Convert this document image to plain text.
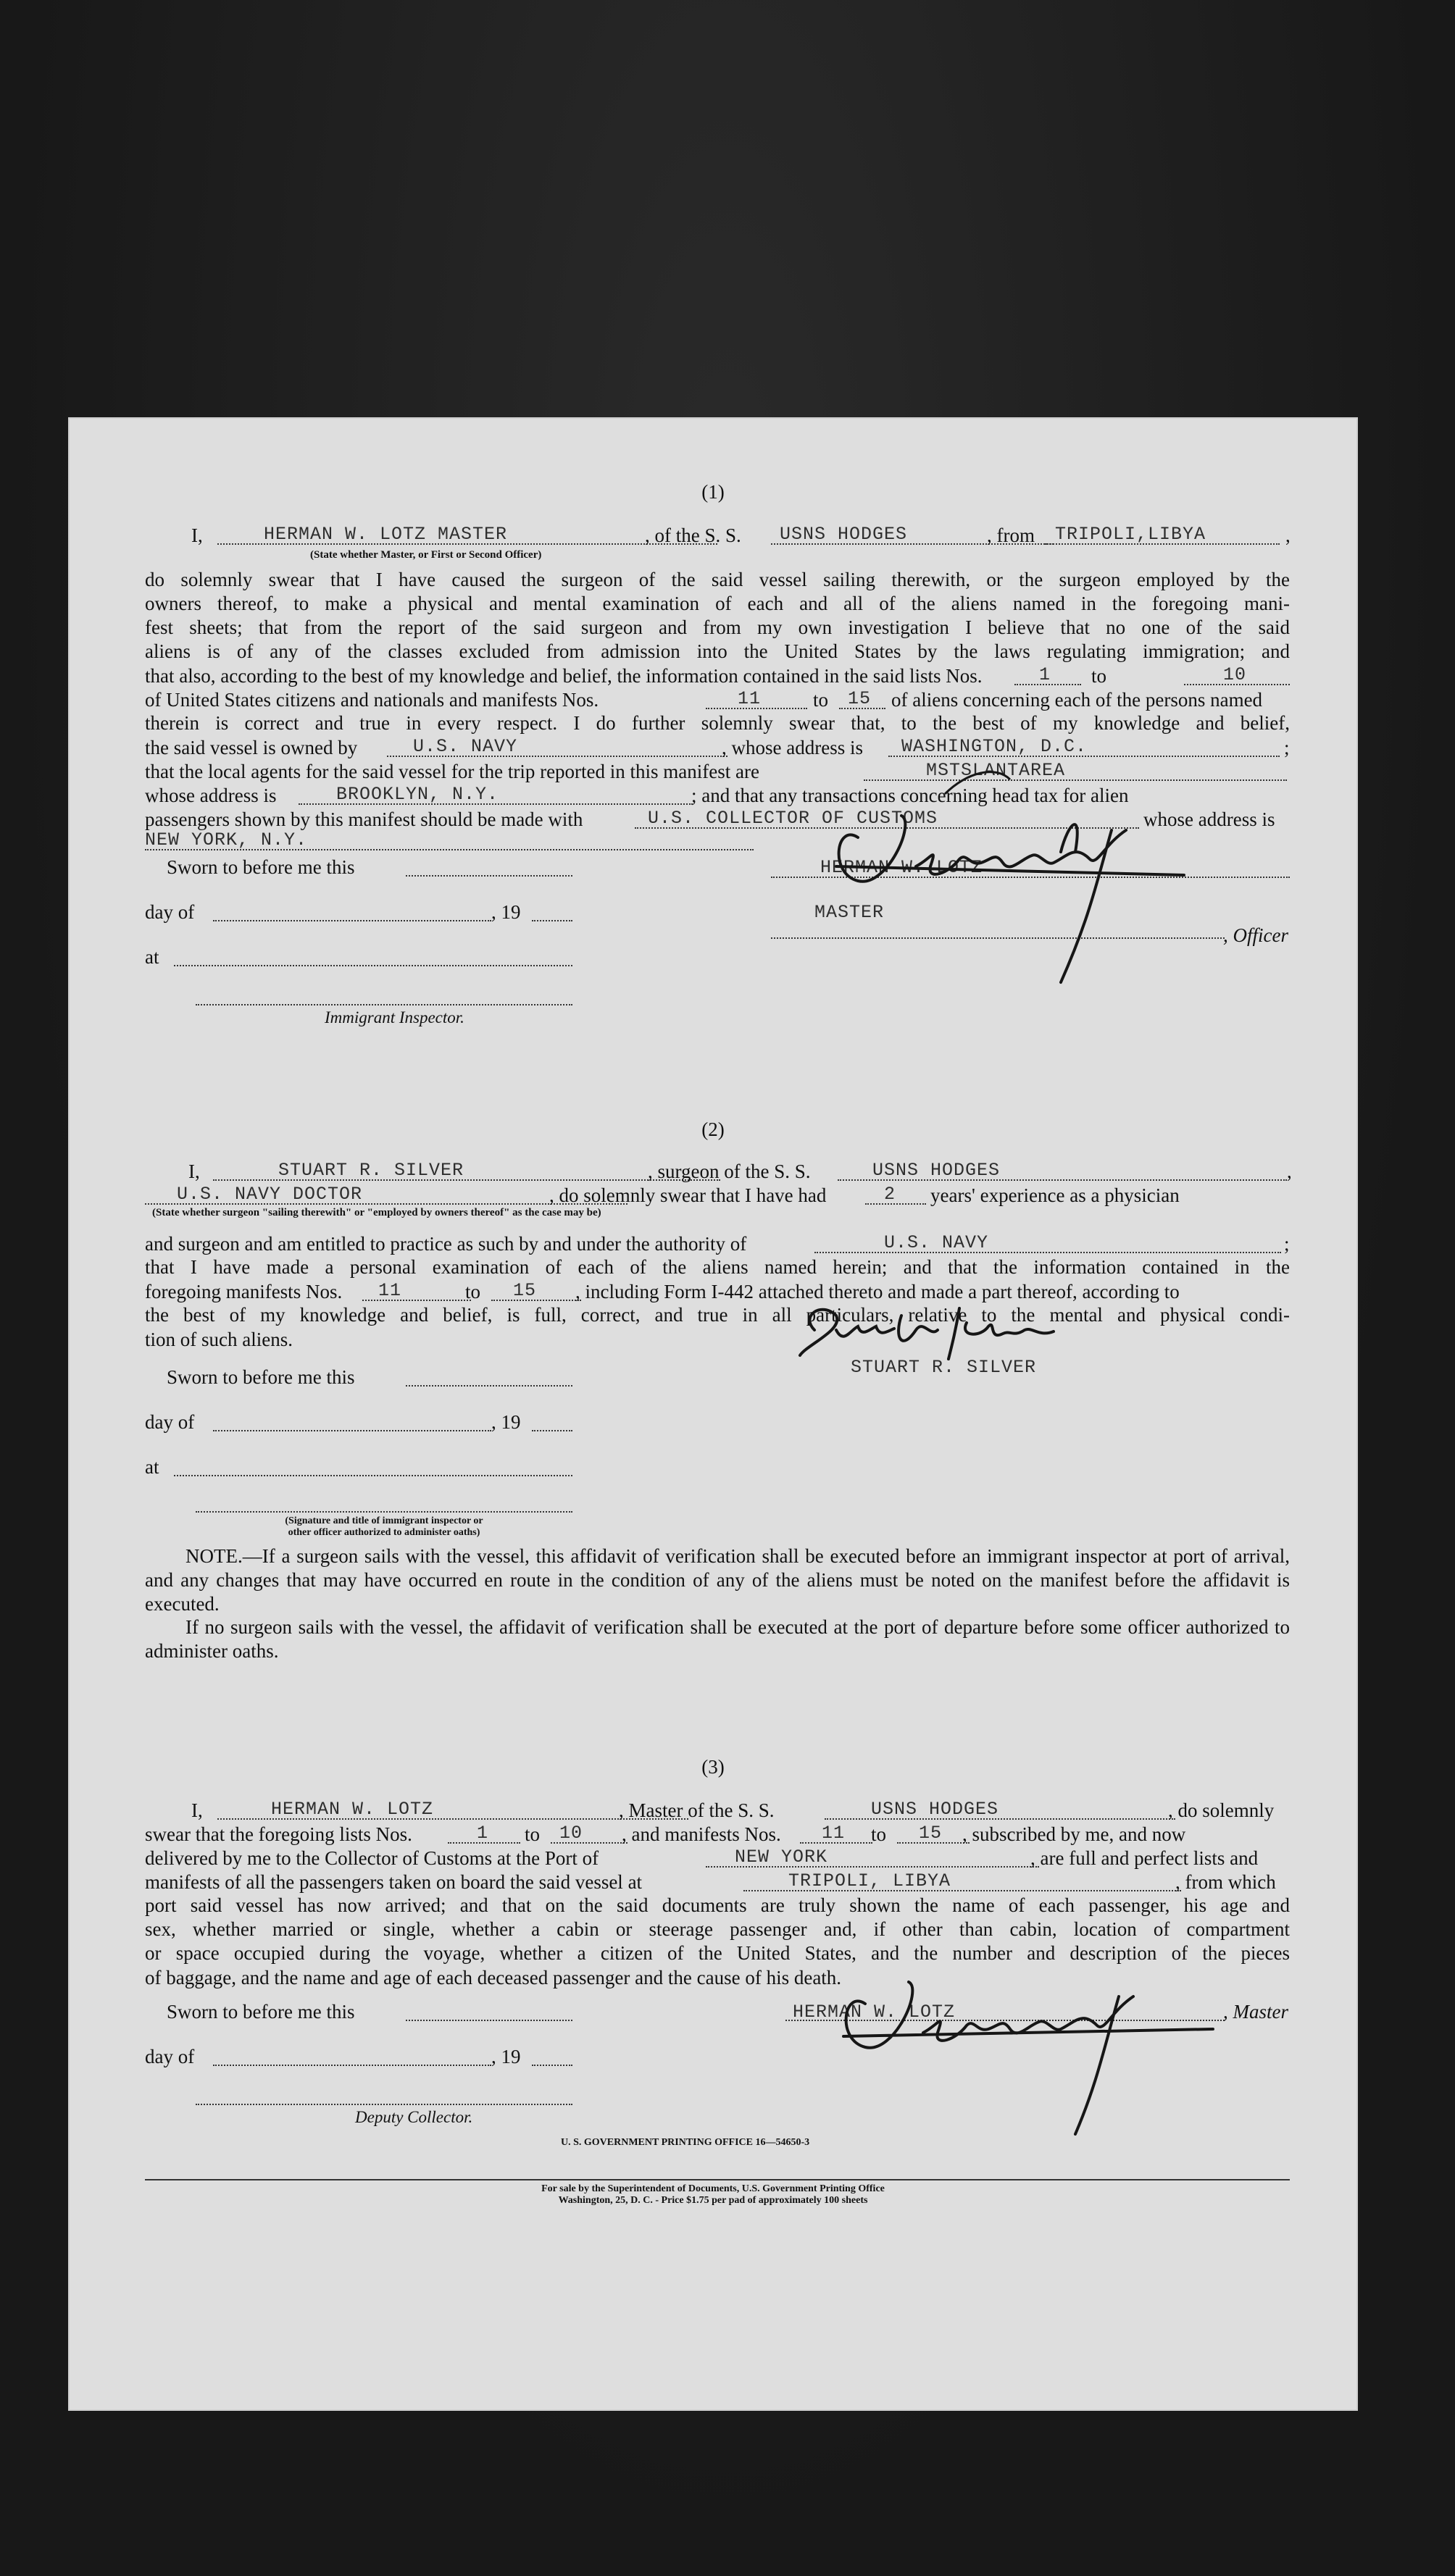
(1)
I,	HERMAN W. LOTZ MASTER	, of the S. S. USNS HODGES	, from TRIPOLI,LIBYA	,
(State whether Master, or First or Second Officer)
do solemnly swear that I have caused the surgeon of the said vessel sailing therewith, or the surgeon employed by the
owners thereof, to make a physical and mental examination of each and all of the aliens named in the foregoing mani-
fest sheets; that from the report of the said surgeon and from my own investigation I believe that no one of the said
aliens is of any of the classes excluded from admission into the United States by the laws regulating immigration; and
that also, according to the best of my knowledge and belief, the information contained in the said lists Nos.	1 to	10
of United States citizens and nationals and manifests Nos.	11	to 15 of aliens concerning each of the persons named
therein is correct and true in every respect. I do further solemnly swear that, to the best of my knowledge and belief,
the said vessel is owned by	U.S. NAVY	, whose address is WASHINGTON, D.C.	;
that the local agents for the said vessel for the trip reported in this manifest are	MSTSLANTAREA
whose address is	BROOKLYN, N.Y.	; and that any transactions concerning head tax for alien
passengers shown by this manifest should be made with	U.S. COLLECTOR OF CUSTOMS	whose address is
NEW YORK, N.Y.
Sworn to before me this
day of	, 19
at
Immigrant Inspector.
HERMAN W. LOTZ
MASTER
, Officer
(2)
I,	STUART R. SILVER	, surgeon of the S. S.	USNS HODGES	,
U.S. NAVY DOCTOR	, do solemnly swear that I have had	2 years' experience as a physician
(State whether surgeon "sailing therewith" or "employed by owners thereof" as the case may be)
and surgeon and am entitled to practice as such by and under the authority of	U.S. NAVY	;
that I have made a personal examination of each of the aliens named herein; and that the information contained in the
foregoing manifests Nos. 11	to 15 , including Form I-442 attached thereto and made a part thereof, according to
the best of my knowledge and belief, is full, correct, and true in all particulars, relative to the mental and physical condi-
tion of such aliens.
STUART R. SILVER
Sworn to before me this
day of	, 19
at
(Signature and title of immigrant inspector or
other officer authorized to administer oaths)
NOTE.—If a surgeon sails with the vessel, this affidavit of verification shall be executed before an immigrant inspector at port of arrival, and any changes that may have occurred en route in the condition of any of the aliens must be noted on the manifest before the affidavit is executed.
If no surgeon sails with the vessel, the affidavit of verification shall be executed at the port of departure before some officer authorized to administer oaths.
(3)
I,	HERMAN W. LOTZ	, Master of the S. S.	USNS HODGES	, do solemnly
swear that the foregoing lists Nos.	1 to 10 , and manifests Nos. 11 to 15 , subscribed by me, and now
delivered by me to the Collector of Customs at the Port of	NEW YORK	, are full and perfect lists and
manifests of all the passengers taken on board the said vessel at	TRIPOLI, LIBYA	, from which
port said vessel has now arrived; and that on the said documents are truly shown the name of each passenger, his age and
sex, whether married or single, whether a cabin or steerage passenger and, if other than cabin, location of compartment
or space occupied during the voyage, whether a citizen of the United States, and the number and description of the pieces
of baggage, and the name and age of each deceased passenger and the cause of his death.
Sworn to before me this
day of	, 19
Deputy Collector.
HERMAN W. LOTZ	, Master
U. S. GOVERNMENT PRINTING OFFICE 16—54650-3
For sale by the Superintendent of Documents, U.S. Government Printing Office
Washington, 25, D. C. - Price $1.75 per pad of approximately 100 sheets
